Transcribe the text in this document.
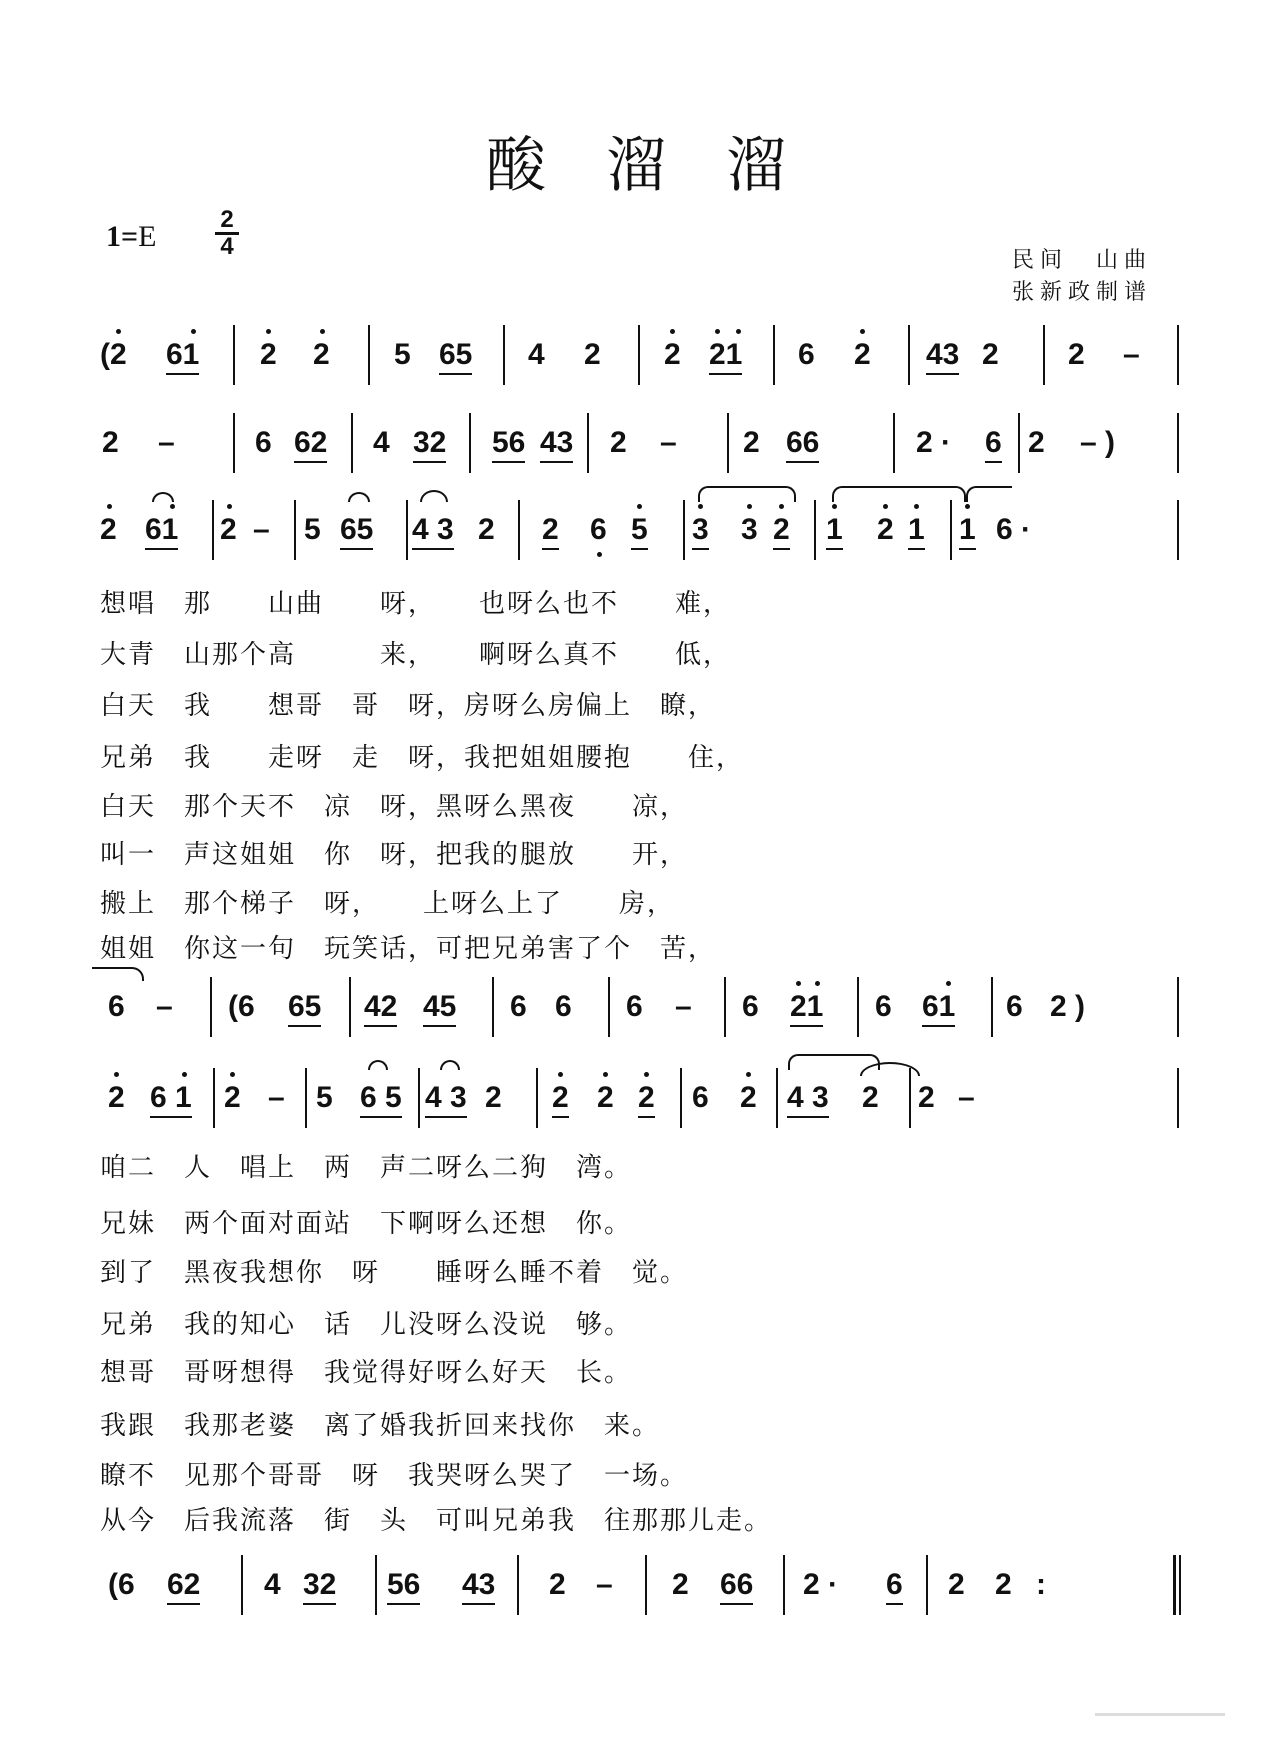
酸溜溜
$1=E \frac{2}{4}$
民间　山曲
张新政制谱
(2 61 2 2 5 65 4 2 2 21 6 2 43 2 2 –
2 –	6 62 4 32 56 43 2 – 2 66	2 · 6 2 – )
2 61 2 – 5 65 4 3 2 2 6 5 3 3 2 1 2 1 1 6 ·
想唱　那　　山曲　　呀，　　也呀么也不　　难，
大青　山那个高　　　来，　　啊呀么真不　　低，
白天　我　　想哥　哥　呀，房呀么房偏上　瞭，
兄弟　我　　走呀　走　呀，我把姐姐腰抱　　住，
白天　那个天不　凉　呀，黑呀么黑夜　　凉，
叫一　声这姐姐　你　呀，把我的腿放　　开，
搬上　那个梯子　呀，　　上呀么上了　　房，
姐姐　你这一句　玩笑话，可把兄弟害了个　苦，
6 – (6 65 42 45 6 6 6 – 6 21 6 61 6 2 )
2 6 1 2 – 5 6 5 4 3 2 2 2 2 6 2 4 3 2 2 –
咱二　人　唱上　两　声二呀么二狗　湾。
兄妹　两个面对面站　下啊呀么还想　你。
到了　黑夜我想你　呀　　睡呀么睡不着　觉。
兄弟　我的知心　话　儿没呀么没说　够。
想哥　哥呀想得　我觉得好呀么好天　长。
我跟　我那老婆　离了婚我折回来找你　来。
瞭不　见那个哥哥　呀　我哭呀么哭了　一场。
从今　后我流落　街　头　可叫兄弟我　往那那儿走。
(6 62 4 32 56 43 2 – 2 66 2 · 6 2 2 :
